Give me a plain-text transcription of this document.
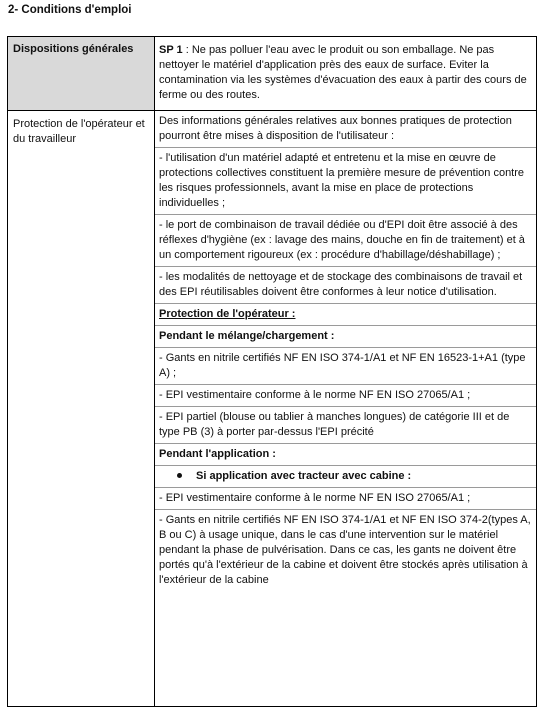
2- Conditions d'emploi
Dispositions générales	SP 1 : Ne pas polluer l'eau avec le produit ou son emballage. Ne pas nettoyer le matériel d'application près des eaux de surface. Eviter la contamination via les systèmes d'évacuation des eaux à partir des cours de ferme ou des routes.
Protection de l'opérateur et du travailleur
Des informations générales relatives aux bonnes pratiques de protection pourront être mises à disposition de l'utilisateur :
- l'utilisation d'un matériel adapté et entretenu et la mise en œuvre de protections collectives constituent la première mesure de prévention contre les risques professionnels, avant la mise en place de protections individuelles ;
- le port de combinaison de travail dédiée ou d'EPI doit être associé à des réflexes d'hygiène (ex : lavage des mains, douche en fin de traitement) et à un comportement rigoureux (ex : procédure d'habillage/déshabillage) ;
- les modalités de nettoyage et de stockage des combinaisons de travail et des EPI réutilisables doivent être conformes à leur notice d'utilisation.
Protection de l'opérateur :
Pendant le mélange/chargement :
- Gants en nitrile certifiés NF EN ISO 374-1/A1 et NF EN 16523-1+A1 (type A) ;
- EPI vestimentaire conforme à le norme NF EN ISO 27065/A1 ;
- EPI partiel (blouse ou tablier à manches longues) de catégorie III et de type PB (3) à porter par-dessus l'EPI précité
Pendant l'application :
Si application avec tracteur avec cabine :
- EPI vestimentaire conforme à le norme NF EN ISO 27065/A1 ;
- Gants en nitrile certifiés NF EN ISO 374-1/A1 et NF EN ISO 374-2(types A, B ou C) à usage unique, dans le cas d'une intervention sur le matériel pendant la phase de pulvérisation. Dans ce cas, les gants ne doivent être portés qu'à l'extérieur de la cabine et doivent être stockés après utilisation à l'extérieur de la cabine
